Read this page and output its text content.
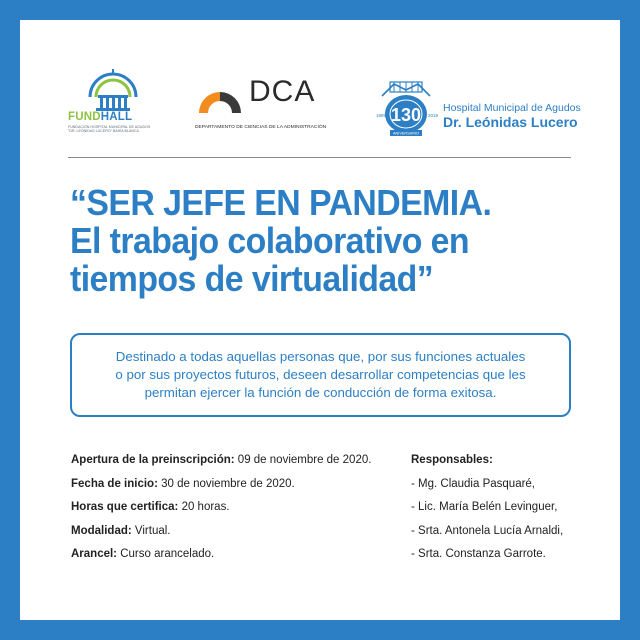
FUNDHALL
FUNDACIÓN HOSPITAL MUNICIPAL DE AGUDOS "DR. LEÓNIDAS LUCERO" BAHÍA BLANCA
DCA
DEPARTAMENTO DE CIENCIAS DE LA ADMINISTRACIÓN
130
1889	2019
ANIVERSARIO
Hospital Municipal de Agudos
Dr. Leónidas Lucero
“SER JEFE EN PANDEMIA.
El trabajo colaborativo en
tiempos de virtualidad”
Destinado a todas aquellas personas que, por sus funciones actuales
o por sus proyectos futuros, deseen desarrollar competencias que les
permitan ejercer la función de conducción de forma exitosa.
Apertura de la preinscripción: 09 de noviembre de 2020.
Fecha de inicio: 30 de noviembre de 2020.
Horas que certifica: 20 horas.
Modalidad: Virtual.
Arancel: Curso arancelado.
Responsables:
- Mg. Claudia Pasquaré,
- Lic. María Belén Levinguer,
- Srta. Antonela Lucía Arnaldi,
- Srta. Constanza Garrote.
